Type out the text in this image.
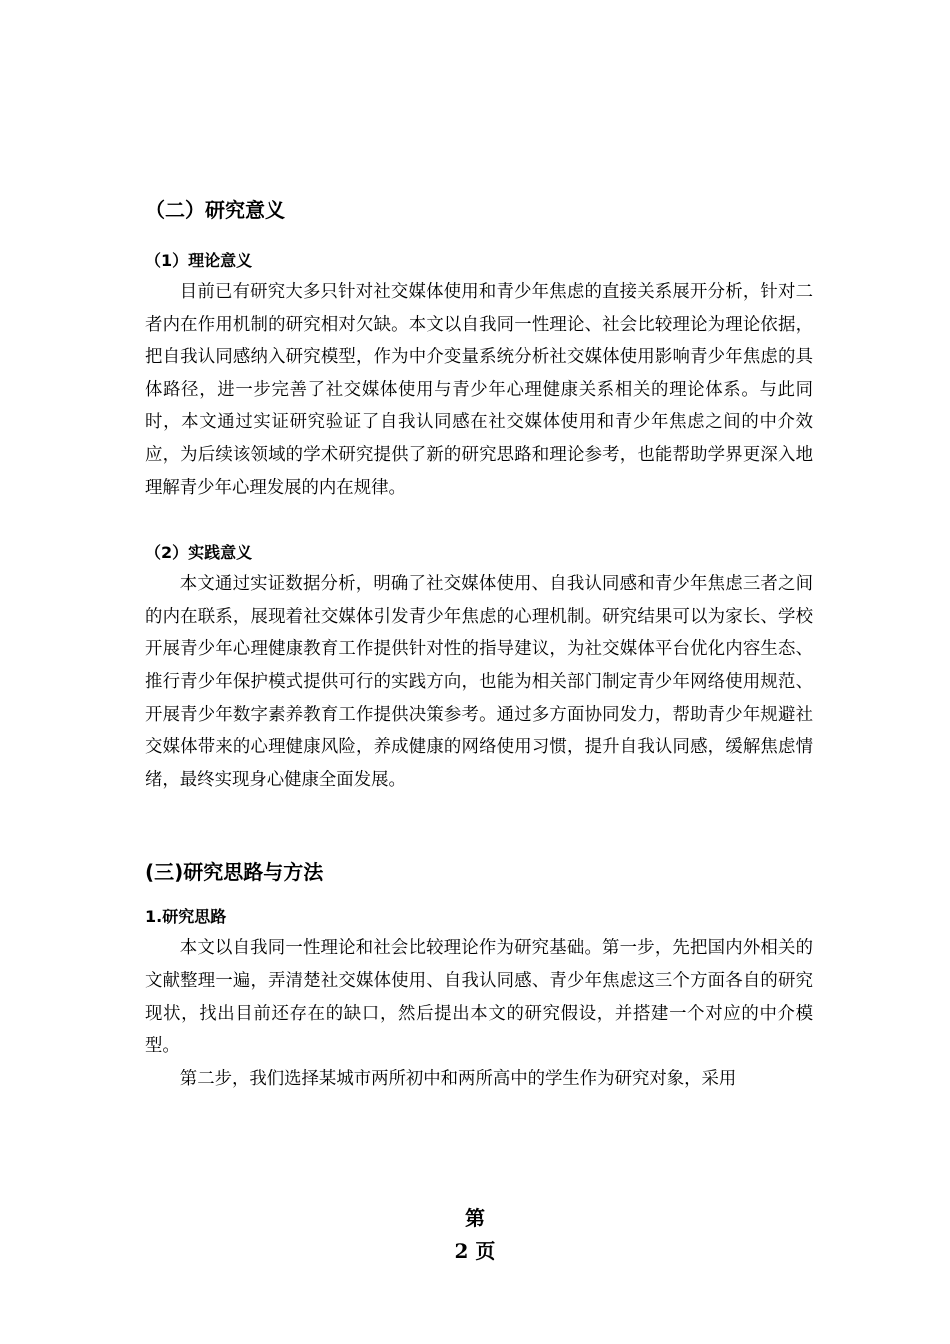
（二）研究意义
（1）理论意义

目前已有研究大多只针对社交媒体使用和青少年焦虑的直接关系展开分析，针对二者内在作用机制的研究相对欠缺。本文以自我同一性理论、社会比较理论为理论依据，把自我认同感纳入研究模型，作为中介变量系统分析社交媒体使用影响青少年焦虑的具体路径，进一步完善了社交媒体使用与青少年心理健康关系相关的理论体系。与此同时，本文通过实证研究验证了自我认同感在社交媒体使用和青少年焦虑之间的中介效应，为后续该领域的学术研究提供了新的研究思路和理论参考，也能帮助学界更深入地理解青少年心理发展的内在规律。

（2）实践意义

本文通过实证数据分析，明确了社交媒体使用、自我认同感和青少年焦虑三者之间的内在联系，展现着社交媒体引发青少年焦虑的心理机制。研究结果可以为家长、学校开展青少年心理健康教育工作提供针对性的指导建议，为社交媒体平台优化内容生态、推行青少年保护模式提供可行的实践方向，也能为相关部门制定青少年网络使用规范、开展青少年数字素养教育工作提供决策参考。通过多方面协同发力，帮助青少年规避社交媒体带来的心理健康风险，养成健康的网络使用习惯，提升自我认同感，缓解焦虑情绪，最终实现身心健康全面发展。

(三)研究思路与方法
1.研究思路

本文以自我同一性理论和社会比较理论作为研究基础。第一步，先把国内外相关的文献整理一遍，弄清楚社交媒体使用、自我认同感、青少年焦虑这三个方面各自的研究现状，找出目前还存在的缺口，然后提出本文的研究假设，并搭建一个对应的中介模型。

第二步，我们选择某城市两所初中和两所高中的学生作为研究对象，采用

第
2 页
